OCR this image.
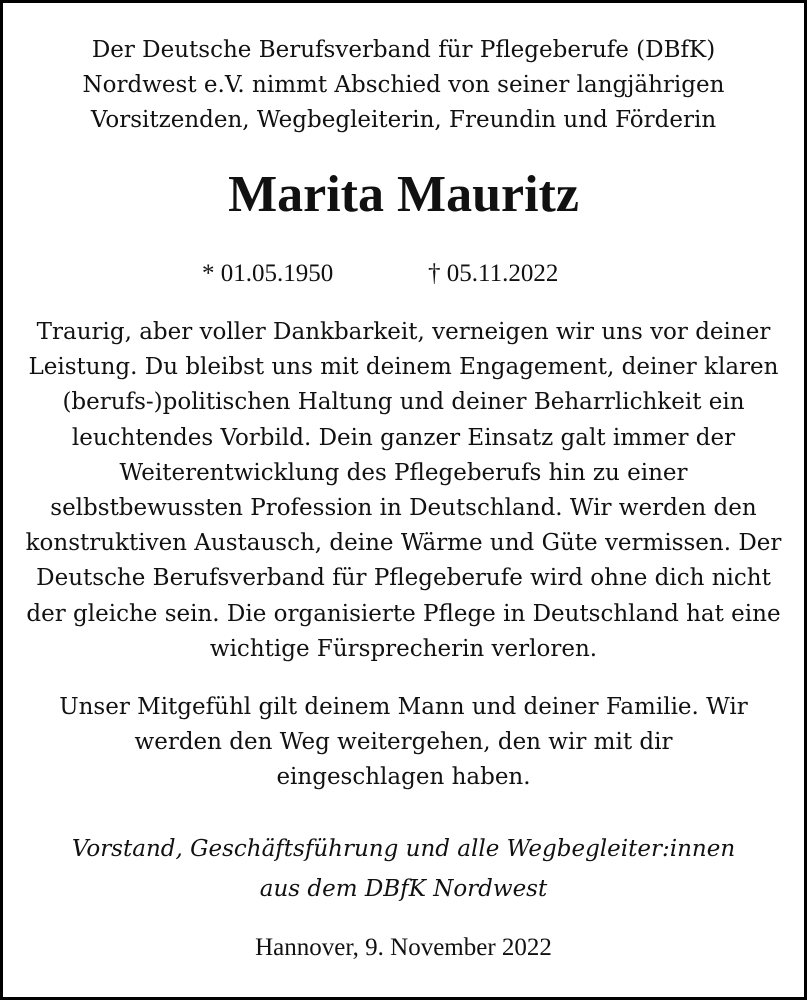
Der Deutsche Berufsverband für Pflegeberufe (DBfK)
Nordwest e.V. nimmt Abschied von seiner langjährigen
Vorsitzenden, Wegbegleiterin, Freundin und Förderin
Marita Mauritz
* 01.05.1950	† 05.11.2022
Traurig, aber voller Dankbarkeit, verneigen wir uns vor deiner
Leistung. Du bleibst uns mit deinem Engagement, deiner klaren
(berufs-)politischen Haltung und deiner Beharrlichkeit ein
leuchtendes Vorbild. Dein ganzer Einsatz galt immer der
Weiterentwicklung des Pflegeberufs hin zu einer
selbstbewussten Profession in Deutschland. Wir werden den
konstruktiven Austausch, deine Wärme und Güte vermissen. Der
Deutsche Berufsverband für Pflegeberufe wird ohne dich nicht
der gleiche sein. Die organisierte Pflege in Deutschland hat eine
wichtige Fürsprecherin verloren.
Unser Mitgefühl gilt deinem Mann und deiner Familie. Wir
werden den Weg weitergehen, den wir mit dir
eingeschlagen haben.
Vorstand, Geschäftsführung und alle Wegbegleiter:innen
aus dem DBfK Nordwest
Hannover, 9. November 2022
